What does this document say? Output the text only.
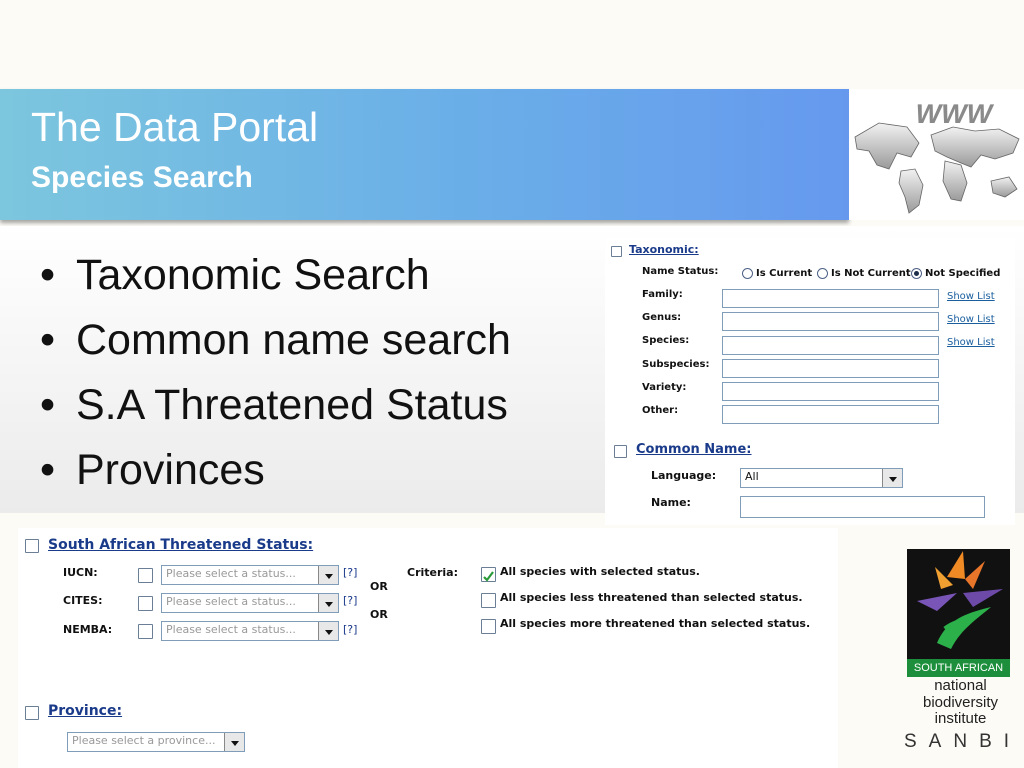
The Data Portal
Species Search
WWW
• Taxonomic Search
• Common name search
• S.A Threatened Status
• Provinces
Taxonomic:
Name Status:	Is Current Is Not Current Not Specified
Family:	Show List
Genus:	Show List
Species:	Show List
Subspecies:
Variety:
Other:
Common Name:
Language:	All
Name:
South African Threatened Status:
IUCN:	Please select a status...	[?]
OR
CITES:	Please select a status...	[?]
OR
NEMBA:	Please select a status...	[?]
Criteria:	All species with selected status.
All species less threatened than selected status.
All species more threatened than selected status.
Province:
Please select a province...
SOUTH AFRICAN
national
biodiversity
institute
SANBI
